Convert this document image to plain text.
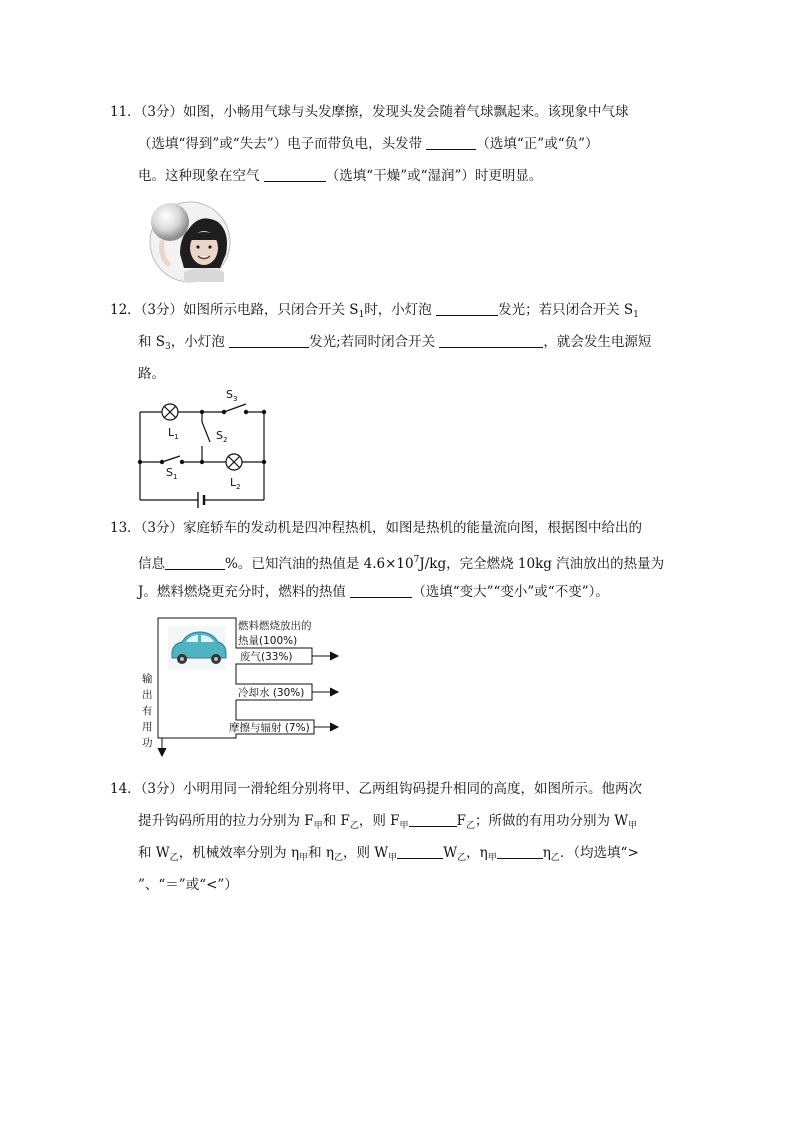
11．（3分）如图，小畅用气球与头发摩擦，发现头发会随着气球飘起来。该现象中气球
（选填“得到”或“失去”）电子而带负电，头发带	（选填“正”或“负”）
电。这种现象在空气	（选填“干燥”或“湿润”）时更明显。
12．（3分）如图所示电路，只闭合开关 $S_1$时，小灯泡	发光；若只闭合开关 $S_1$
和 $S_3$，小灯泡	发光;若同时闭合开关	，就会发生电源短
路。
$S_3$
$L_1$	$S_2$
$S_1$	$L_2$
13．（3分）家庭轿车的发动机是四冲程热机，如图是热机的能量流向图，根据图中给出的
信息	%。已知汽油的热值是 $4.6\times 10^7J/kg$，完全燃烧 10kg 汽油放出的热量为
J。燃料燃烧更充分时，燃料的热值	（选填“变大”“变小”或“不变”）。
燃料燃烧放出的
热量(100%)
废气(33%)
冷却水 (30%)
摩擦与辐射 (7%)
输
出
有
用
功
14．（3分）小明用同一滑轮组分别将甲、乙两组钩码提升相同的高度，如图所示。他两次
提升钩码所用的拉力分别为 $F_甲$和 $F_乙$，则 $F_甲$	$F_乙$；所做的有用功分别为 $W_甲$
和 $W_乙$，机械效率分别为 $\eta_甲$和 $\eta_乙$，则 $W_甲$	$W_乙$，$\eta_甲$	$\eta_乙$．（均选填“>
”、“＝”或“<”）
